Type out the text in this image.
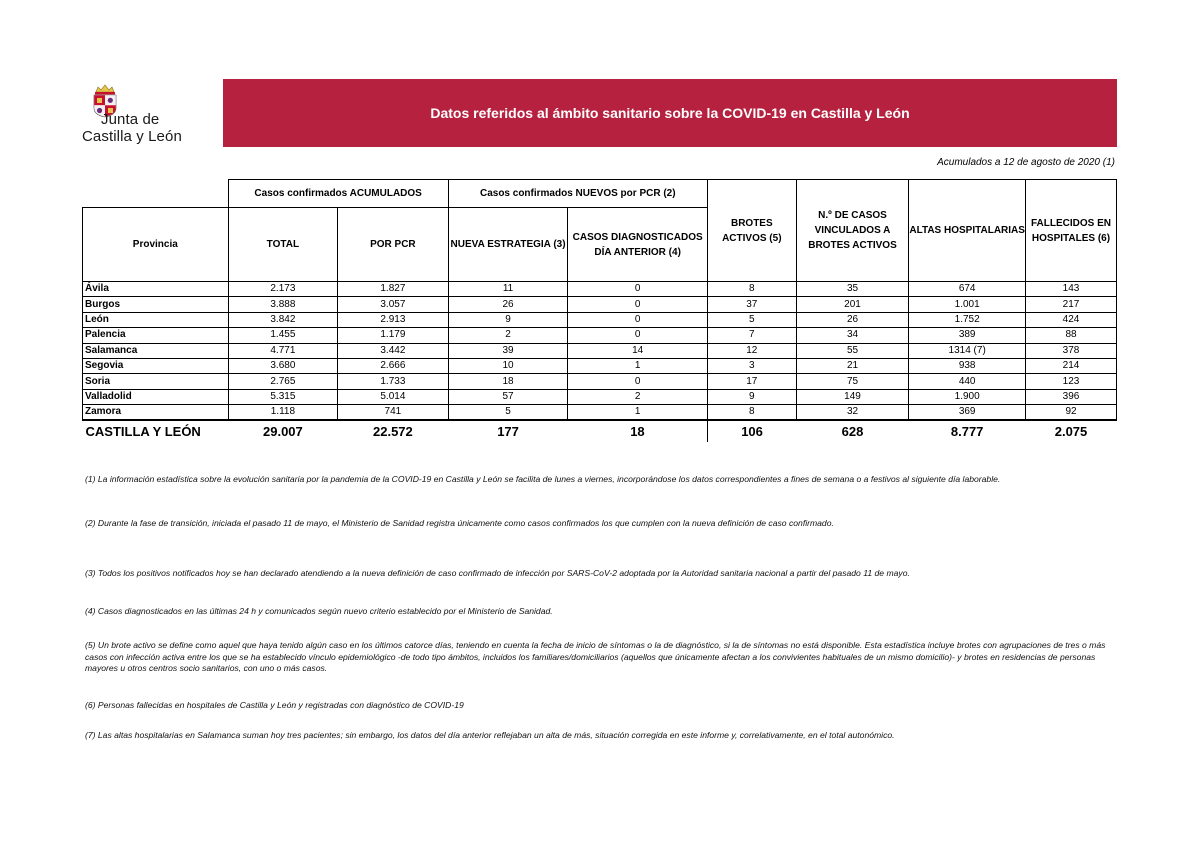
Junta de
Castilla y León
Datos referidos al ámbito sanitario sobre la COVID-19 en Castilla y León
Acumulados a 12 de agosto de 2020 (1)
	Casos confirmados ACUMULADOS		Casos confirmados NUEVOS por PCR (2)		BROTES ACTIVOS (5)	N.º DE CASOS VINCULADOS A BROTES ACTIVOS	ALTAS HOSPITALARIAS	FALLECIDOS EN HOSPITALES (6)
Provincia	TOTAL	POR PCR	NUEVA ESTRATEGIA (3)	CASOS DIAGNOSTICADOS DÍA ANTERIOR (4)				
Ávila	2.173	1.827	11	0	8	35	674	143
Burgos	3.888	3.057	26	0	37	201	1.001	217
León	3.842	2.913	9	0	5	26	1.752	424
Palencia	1.455	1.179	2	0	7	34	389	88
Salamanca	4.771	3.442	39	14	12	55	1314 (7)	378
Segovia	3.680	2.666	10	1	3	21	938	214
Soria	2.765	1.733	18	0	17	75	440	123
Valladolid	5.315	5.014	57	2	9	149	1.900	396
Zamora	1.118	741	5	1	8	32	369	92
CASTILLA Y LEÓN	29.007	22.572	177	18	106	628	8.777	2.075
(1) La información estadística sobre la evolución sanitaria por la pandemia de la COVID-19 en Castilla y León se facilita de lunes a viernes, incorporándose los datos correspondientes a fines de semana o a festivos al siguiente día laborable.
(2) Durante la fase de transición, iniciada el pasado 11 de mayo, el Ministerio de Sanidad registra únicamente como casos confirmados los que cumplen con la nueva definición de caso confirmado.
(3) Todos los positivos notificados hoy se han declarado atendiendo a la nueva definición de caso confirmado de infección por SARS-CoV-2 adoptada por la Autoridad sanitaria nacional a partir del pasado 11 de mayo.
(4) Casos diagnosticados en las últimas 24 h y comunicados según nuevo criterio establecido por el Ministerio de Sanidad.
(5) Un brote activo se define como aquel que haya tenido algún caso en los últimos catorce días, teniendo en cuenta la fecha de inicio de síntomas o la de diagnóstico, si la de síntomas no está disponible. Esta estadística incluye brotes con agrupaciones de tres o más casos con infección activa entre los que se ha establecido vínculo epidemiológico -de todo tipo ámbitos, incluidos los familiares/domiciliarios (aquellos que únicamente afectan a los convivientes habituales de un mismo domicilio)- y brotes en residencias de personas mayores u otros centros socio sanitarios, con uno o más casos.
(6) Personas fallecidas en hospitales de Castilla y León y registradas con diagnóstico de COVID-19
(7) Las altas hospitalarias en Salamanca suman hoy tres pacientes; sin embargo, los datos del día anterior reflejaban un alta de más, situación corregida en este informe y, correlativamente, en el total autonómico.
